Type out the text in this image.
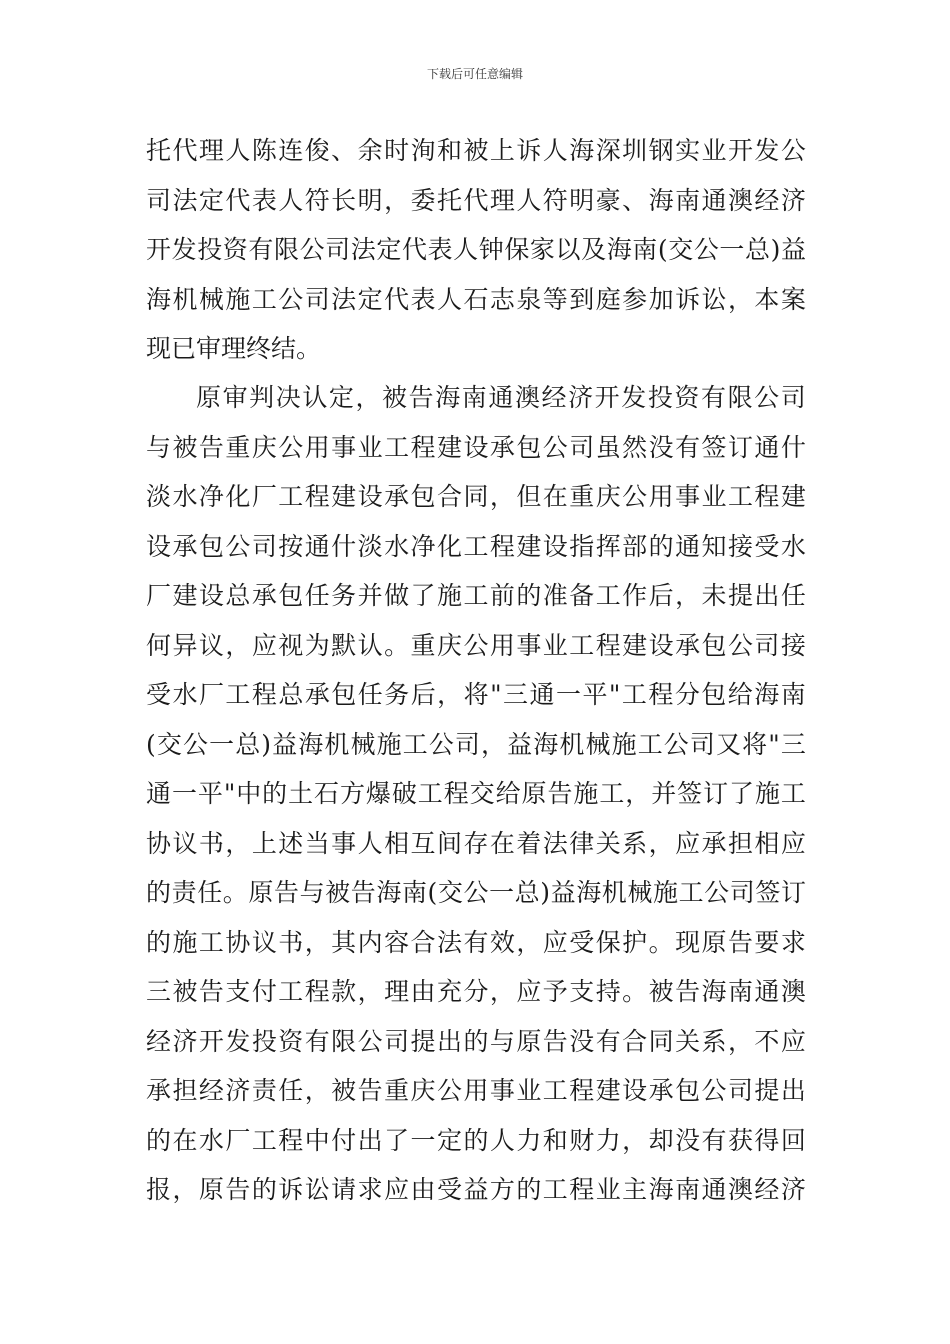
下载后可任意编辑
托 代 理 人 陈 连 俊 、 余 时 洵 和 被 上 诉 人 海 深 圳 钢 实 业 开 发 公
司 法 定 代 表 人 符 长 明 ， 委 托 代 理 人 符 明 豪 、 海 南 通 澳 经 济
开 发 投 资 有 限 公 司 法 定 代 表 人 钟 保 家 以 及 海 南 ( 交 公 一 总 ) 益
海 机 械 施 工 公 司 法 定 代 表 人 石 志 泉 等 到 庭 参 加 诉 讼 ， 本 案
现已审理终结。
原 审 判 决 认 定 ， 被 告 海 南 通 澳 经 济 开 发 投 资 有 限 公 司
与 被 告 重 庆 公 用 事 业 工 程 建 设 承 包 公 司 虽 然 没 有 签 订 通 什
淡 水 净 化 厂 工 程 建 设 承 包 合 同 ， 但 在 重 庆 公 用 事 业 工 程 建
设 承 包 公 司 按 通 什 淡 水 净 化 工 程 建 设 指 挥 部 的 通 知 接 受 水
厂 建 设 总 承 包 任 务 并 做 了 施 工 前 的 准 备 工 作 后 ， 未 提 出 任
何 异 议 ， 应 视 为 默 认 。 重 庆 公 用 事 业 工 程 建 设 承 包 公 司 接
受 水 厂 工 程 总 承 包 任 务 后 ， 将 " 三 通 一 平 " 工 程 分 包 给 海 南
( 交 公 一 总 ) 益 海 机 械 施 工 公 司 ， 益 海 机 械 施 工 公 司 又 将 " 三
通 一 平 " 中 的 土 石 方 爆 破 工 程 交 给 原 告 施 工 ， 并 签 订 了 施 工
协 议 书 ， 上 述 当 事 人 相 互 间 存 在 着 法 律 关 系 ， 应 承 担 相 应
的 责 任 。 原 告 与 被 告 海 南 ( 交 公 一 总 ) 益 海 机 械 施 工 公 司 签 订
的 施 工 协 议 书 ， 其 内 容 合 法 有 效 ， 应 受 保 护 。 现 原 告 要 求
三 被 告 支 付 工 程 款 ， 理 由 充 分 ， 应 予 支 持 。 被 告 海 南 通 澳
经 济 开 发 投 资 有 限 公 司 提 出 的 与 原 告 没 有 合 同 关 系 ， 不 应
承 担 经 济 责 任 ， 被 告 重 庆 公 用 事 业 工 程 建 设 承 包 公 司 提 出
的 在 水 厂 工 程 中 付 出 了 一 定 的 人 力 和 财 力 ， 却 没 有 获 得 回
报 ， 原 告 的 诉 讼 请 求 应 由 受 益 方 的 工 程 业 主 海 南 通 澳 经 济
